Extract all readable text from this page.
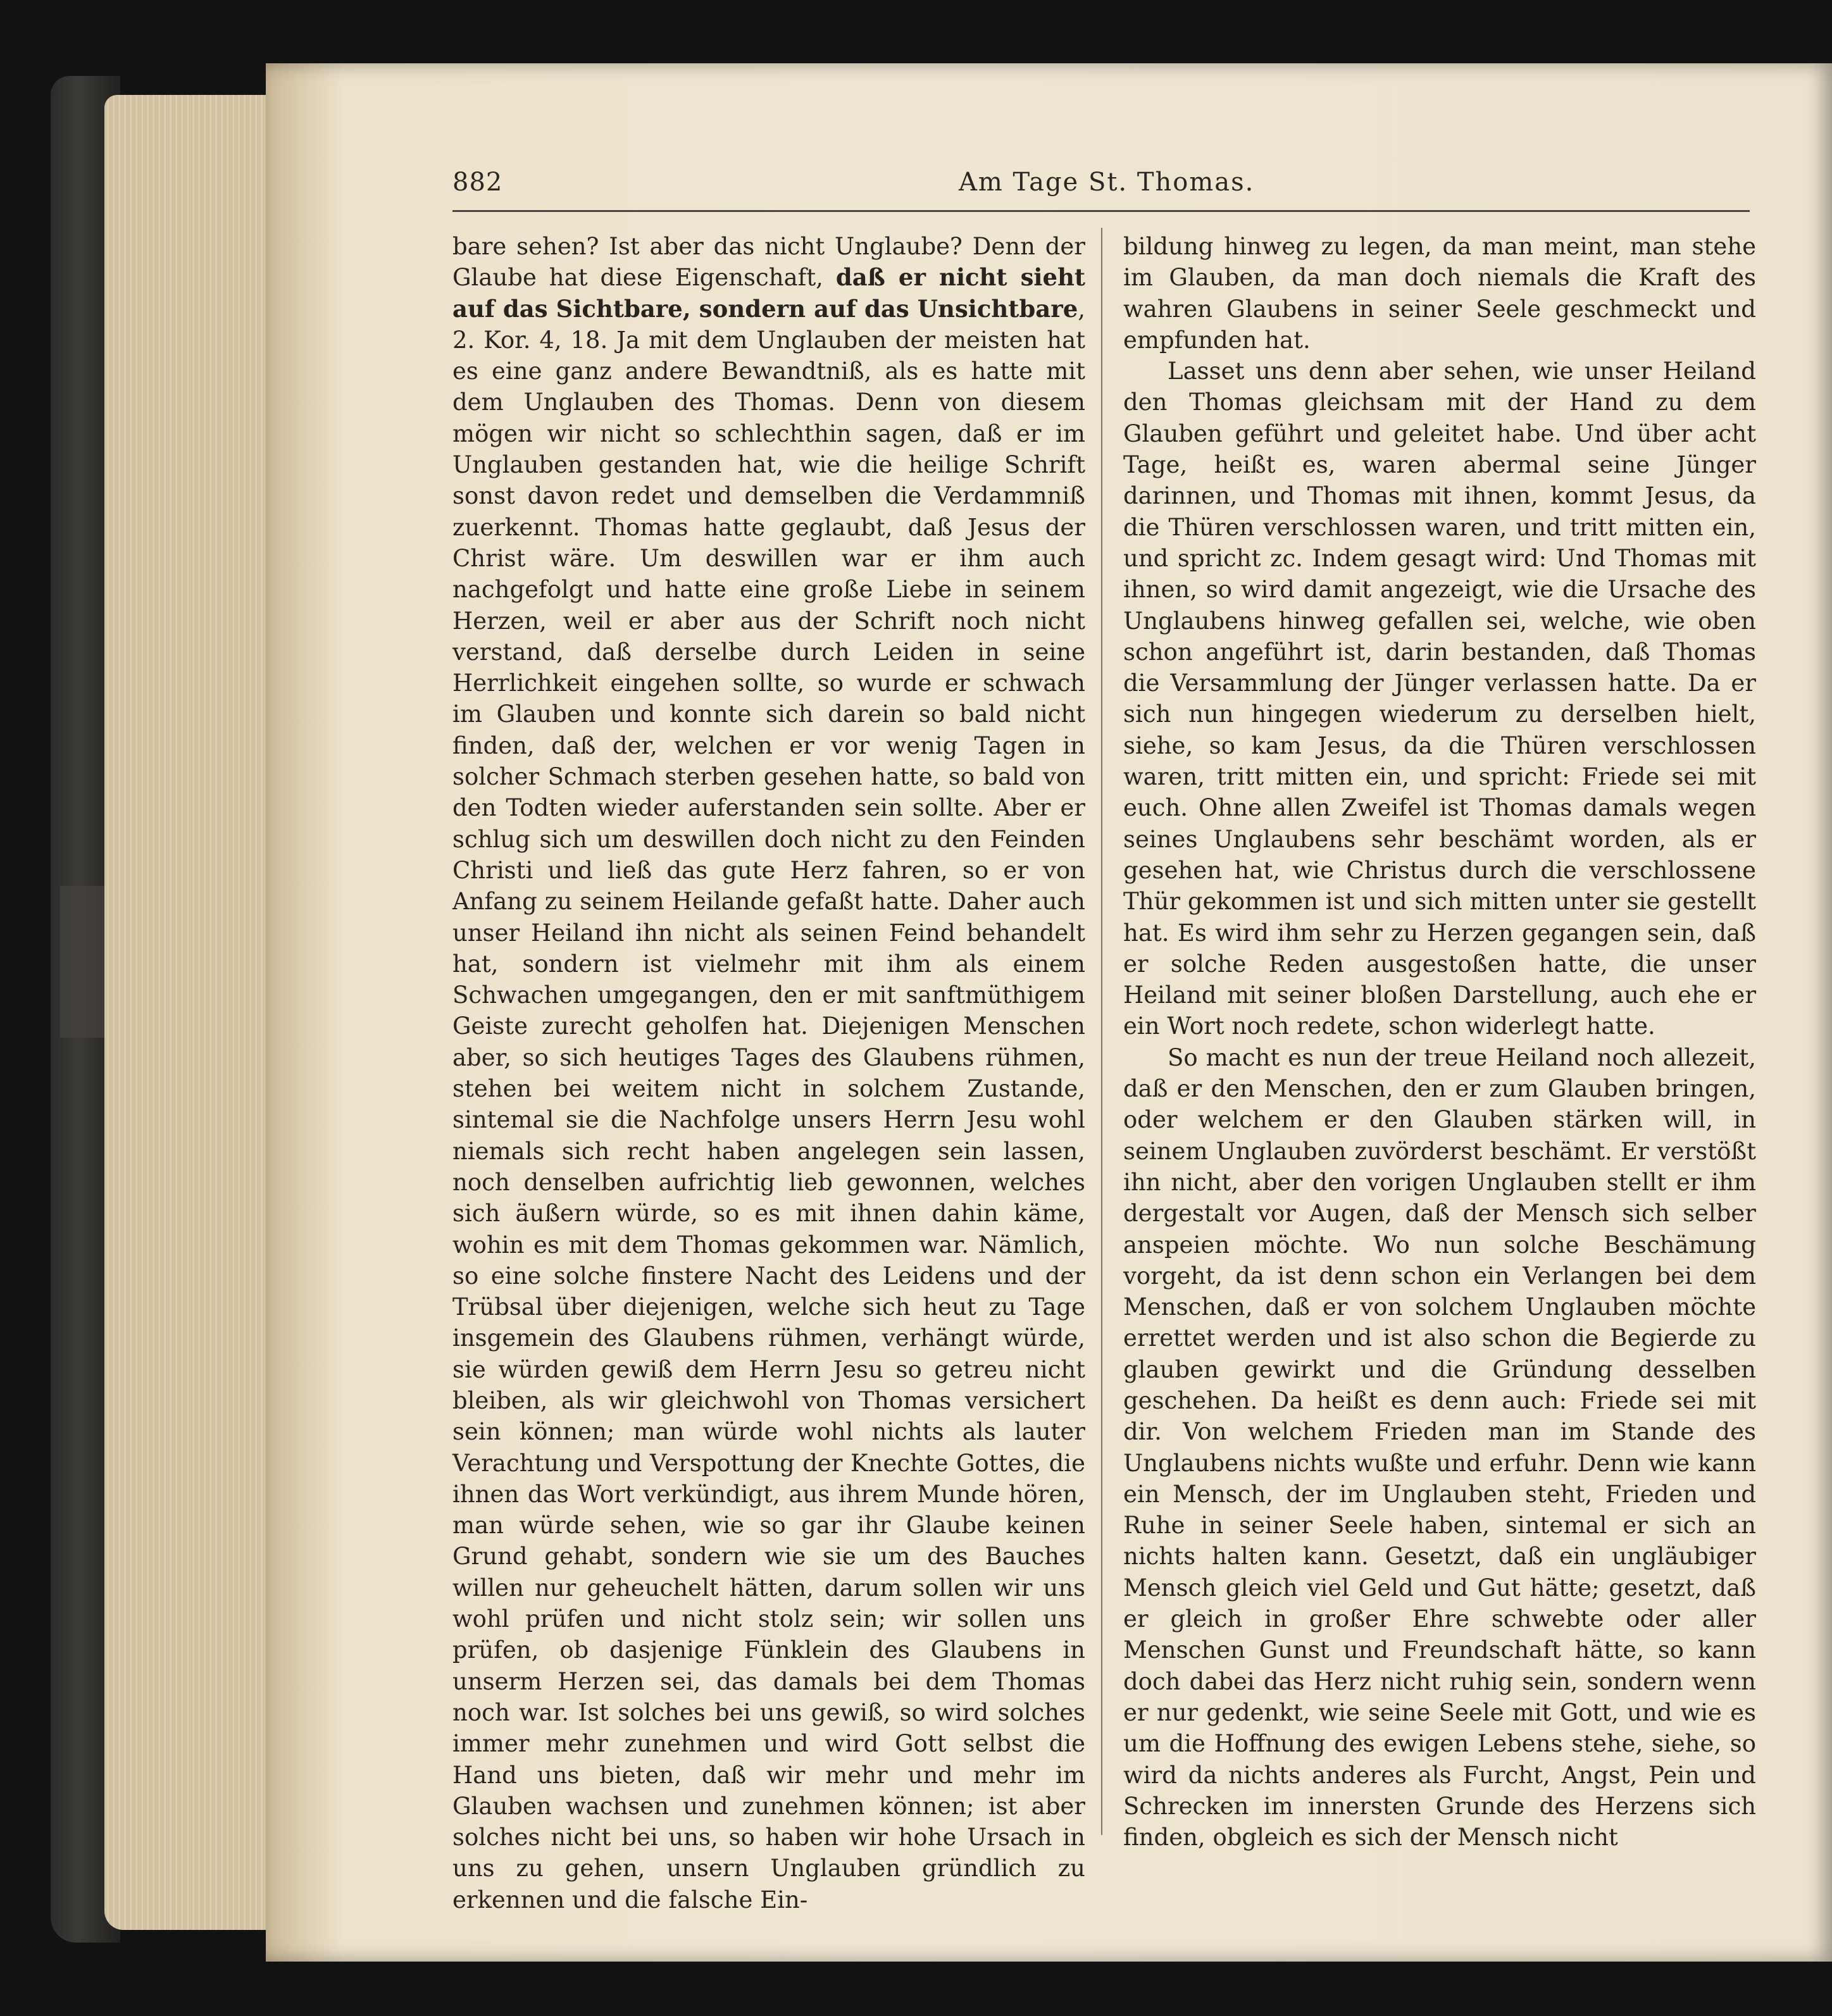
882	Am Tage St. Thomas.

bare sehen? Ist aber das nicht Unglaube? Denn der Glaube hat diese Eigenschaft, daß er nicht sieht auf das Sichtbare, sondern auf das Unsichtbare, 2. Kor. 4, 18. Ja mit dem Unglauben der meisten hat es eine ganz andere Bewandtniß, als es hatte mit dem Unglauben des Thomas. Denn von diesem mögen wir nicht so schlechthin sagen, daß er im Unglauben gestanden hat, wie die heilige Schrift sonst davon redet und demselben die Verdammniß zuerkennt. Thomas hatte geglaubt, daß Jesus der Christ wäre. Um deswillen war er ihm auch nachgefolgt und hatte eine große Liebe in seinem Herzen, weil er aber aus der Schrift noch nicht verstand, daß derselbe durch Leiden in seine Herrlichkeit eingehen sollte, so wurde er schwach im Glauben und konnte sich darein so bald nicht finden, daß der, welchen er vor wenig Tagen in solcher Schmach sterben gesehen hatte, so bald von den Todten wieder auferstanden sein sollte. Aber er schlug sich um deswillen doch nicht zu den Feinden Christi und ließ das gute Herz fahren, so er von Anfang zu seinem Heilande gefaßt hatte. Daher auch unser Heiland ihn nicht als seinen Feind behandelt hat, sondern ist vielmehr mit ihm als einem Schwachen umgegangen, den er mit sanftmüthigem Geiste zurecht geholfen hat. Diejenigen Menschen aber, so sich heutiges Tages des Glaubens rühmen, stehen bei weitem nicht in solchem Zustande, sintemal sie die Nachfolge unsers Herrn Jesu wohl niemals sich recht haben angelegen sein lassen, noch denselben aufrichtig lieb gewonnen, welches sich äußern würde, so es mit ihnen dahin käme, wohin es mit dem Thomas gekommen war. Nämlich, so eine solche finstere Nacht des Leidens und der Trübsal über diejenigen, welche sich heut zu Tage insgemein des Glaubens rühmen, verhängt würde, sie würden gewiß dem Herrn Jesu so getreu nicht bleiben, als wir gleichwohl von Thomas versichert sein können; man würde wohl nichts als lauter Verachtung und Verspottung der Knechte Gottes, die ihnen das Wort verkündigt, aus ihrem Munde hören, man würde sehen, wie so gar ihr Glaube keinen Grund gehabt, sondern wie sie um des Bauches willen nur geheuchelt hätten, darum sollen wir uns wohl prüfen und nicht stolz sein; wir sollen uns prüfen, ob dasjenige Fünklein des Glaubens in unserm Herzen sei, das damals bei dem Thomas noch war. Ist solches bei uns gewiß, so wird solches immer mehr zunehmen und wird Gott selbst die Hand uns bieten, daß wir mehr und mehr im Glauben wachsen und zunehmen können; ist aber solches nicht bei uns, so haben wir hohe Ursach in uns zu gehen, unsern Unglauben gründlich zu erkennen und die falsche Ein-

bildung hinweg zu legen, da man meint, man stehe im Glauben, da man doch niemals die Kraft des wahren Glaubens in seiner Seele geschmeckt und empfunden hat.

Lasset uns denn aber sehen, wie unser Heiland den Thomas gleichsam mit der Hand zu dem Glauben geführt und geleitet habe. Und über acht Tage, heißt es, waren abermal seine Jünger darinnen, und Thomas mit ihnen, kommt Jesus, da die Thüren verschlossen waren, und tritt mitten ein, und spricht zc. Indem gesagt wird: Und Thomas mit ihnen, so wird damit angezeigt, wie die Ursache des Unglaubens hinweg gefallen sei, welche, wie oben schon angeführt ist, darin bestanden, daß Thomas die Versammlung der Jünger verlassen hatte. Da er sich nun hingegen wiederum zu derselben hielt, siehe, so kam Jesus, da die Thüren verschlossen waren, tritt mitten ein, und spricht: Friede sei mit euch. Ohne allen Zweifel ist Thomas damals wegen seines Unglaubens sehr beschämt worden, als er gesehen hat, wie Christus durch die verschlossene Thür gekommen ist und sich mitten unter sie gestellt hat. Es wird ihm sehr zu Herzen gegangen sein, daß er solche Reden ausgestoßen hatte, die unser Heiland mit seiner bloßen Darstellung, auch ehe er ein Wort noch redete, schon widerlegt hatte.

So macht es nun der treue Heiland noch allezeit, daß er den Menschen, den er zum Glauben bringen, oder welchem er den Glauben stärken will, in seinem Unglauben zuvörderst beschämt. Er verstößt ihn nicht, aber den vorigen Unglauben stellt er ihm dergestalt vor Augen, daß der Mensch sich selber anspeien möchte. Wo nun solche Beschämung vorgeht, da ist denn schon ein Verlangen bei dem Menschen, daß er von solchem Unglauben möchte errettet werden und ist also schon die Begierde zu glauben gewirkt und die Gründung desselben geschehen. Da heißt es denn auch: Friede sei mit dir. Von welchem Frieden man im Stande des Unglaubens nichts wußte und erfuhr. Denn wie kann ein Mensch, der im Unglauben steht, Frieden und Ruhe in seiner Seele haben, sintemal er sich an nichts halten kann. Gesetzt, daß ein ungläubiger Mensch gleich viel Geld und Gut hätte; gesetzt, daß er gleich in großer Ehre schwebte oder aller Menschen Gunst und Freundschaft hätte, so kann doch dabei das Herz nicht ruhig sein, sondern wenn er nur gedenkt, wie seine Seele mit Gott, und wie es um die Hoffnung des ewigen Lebens stehe, siehe, so wird da nichts anderes als Furcht, Angst, Pein und Schrecken im innersten Grunde des Herzens sich finden, obgleich es sich der Mensch nicht
